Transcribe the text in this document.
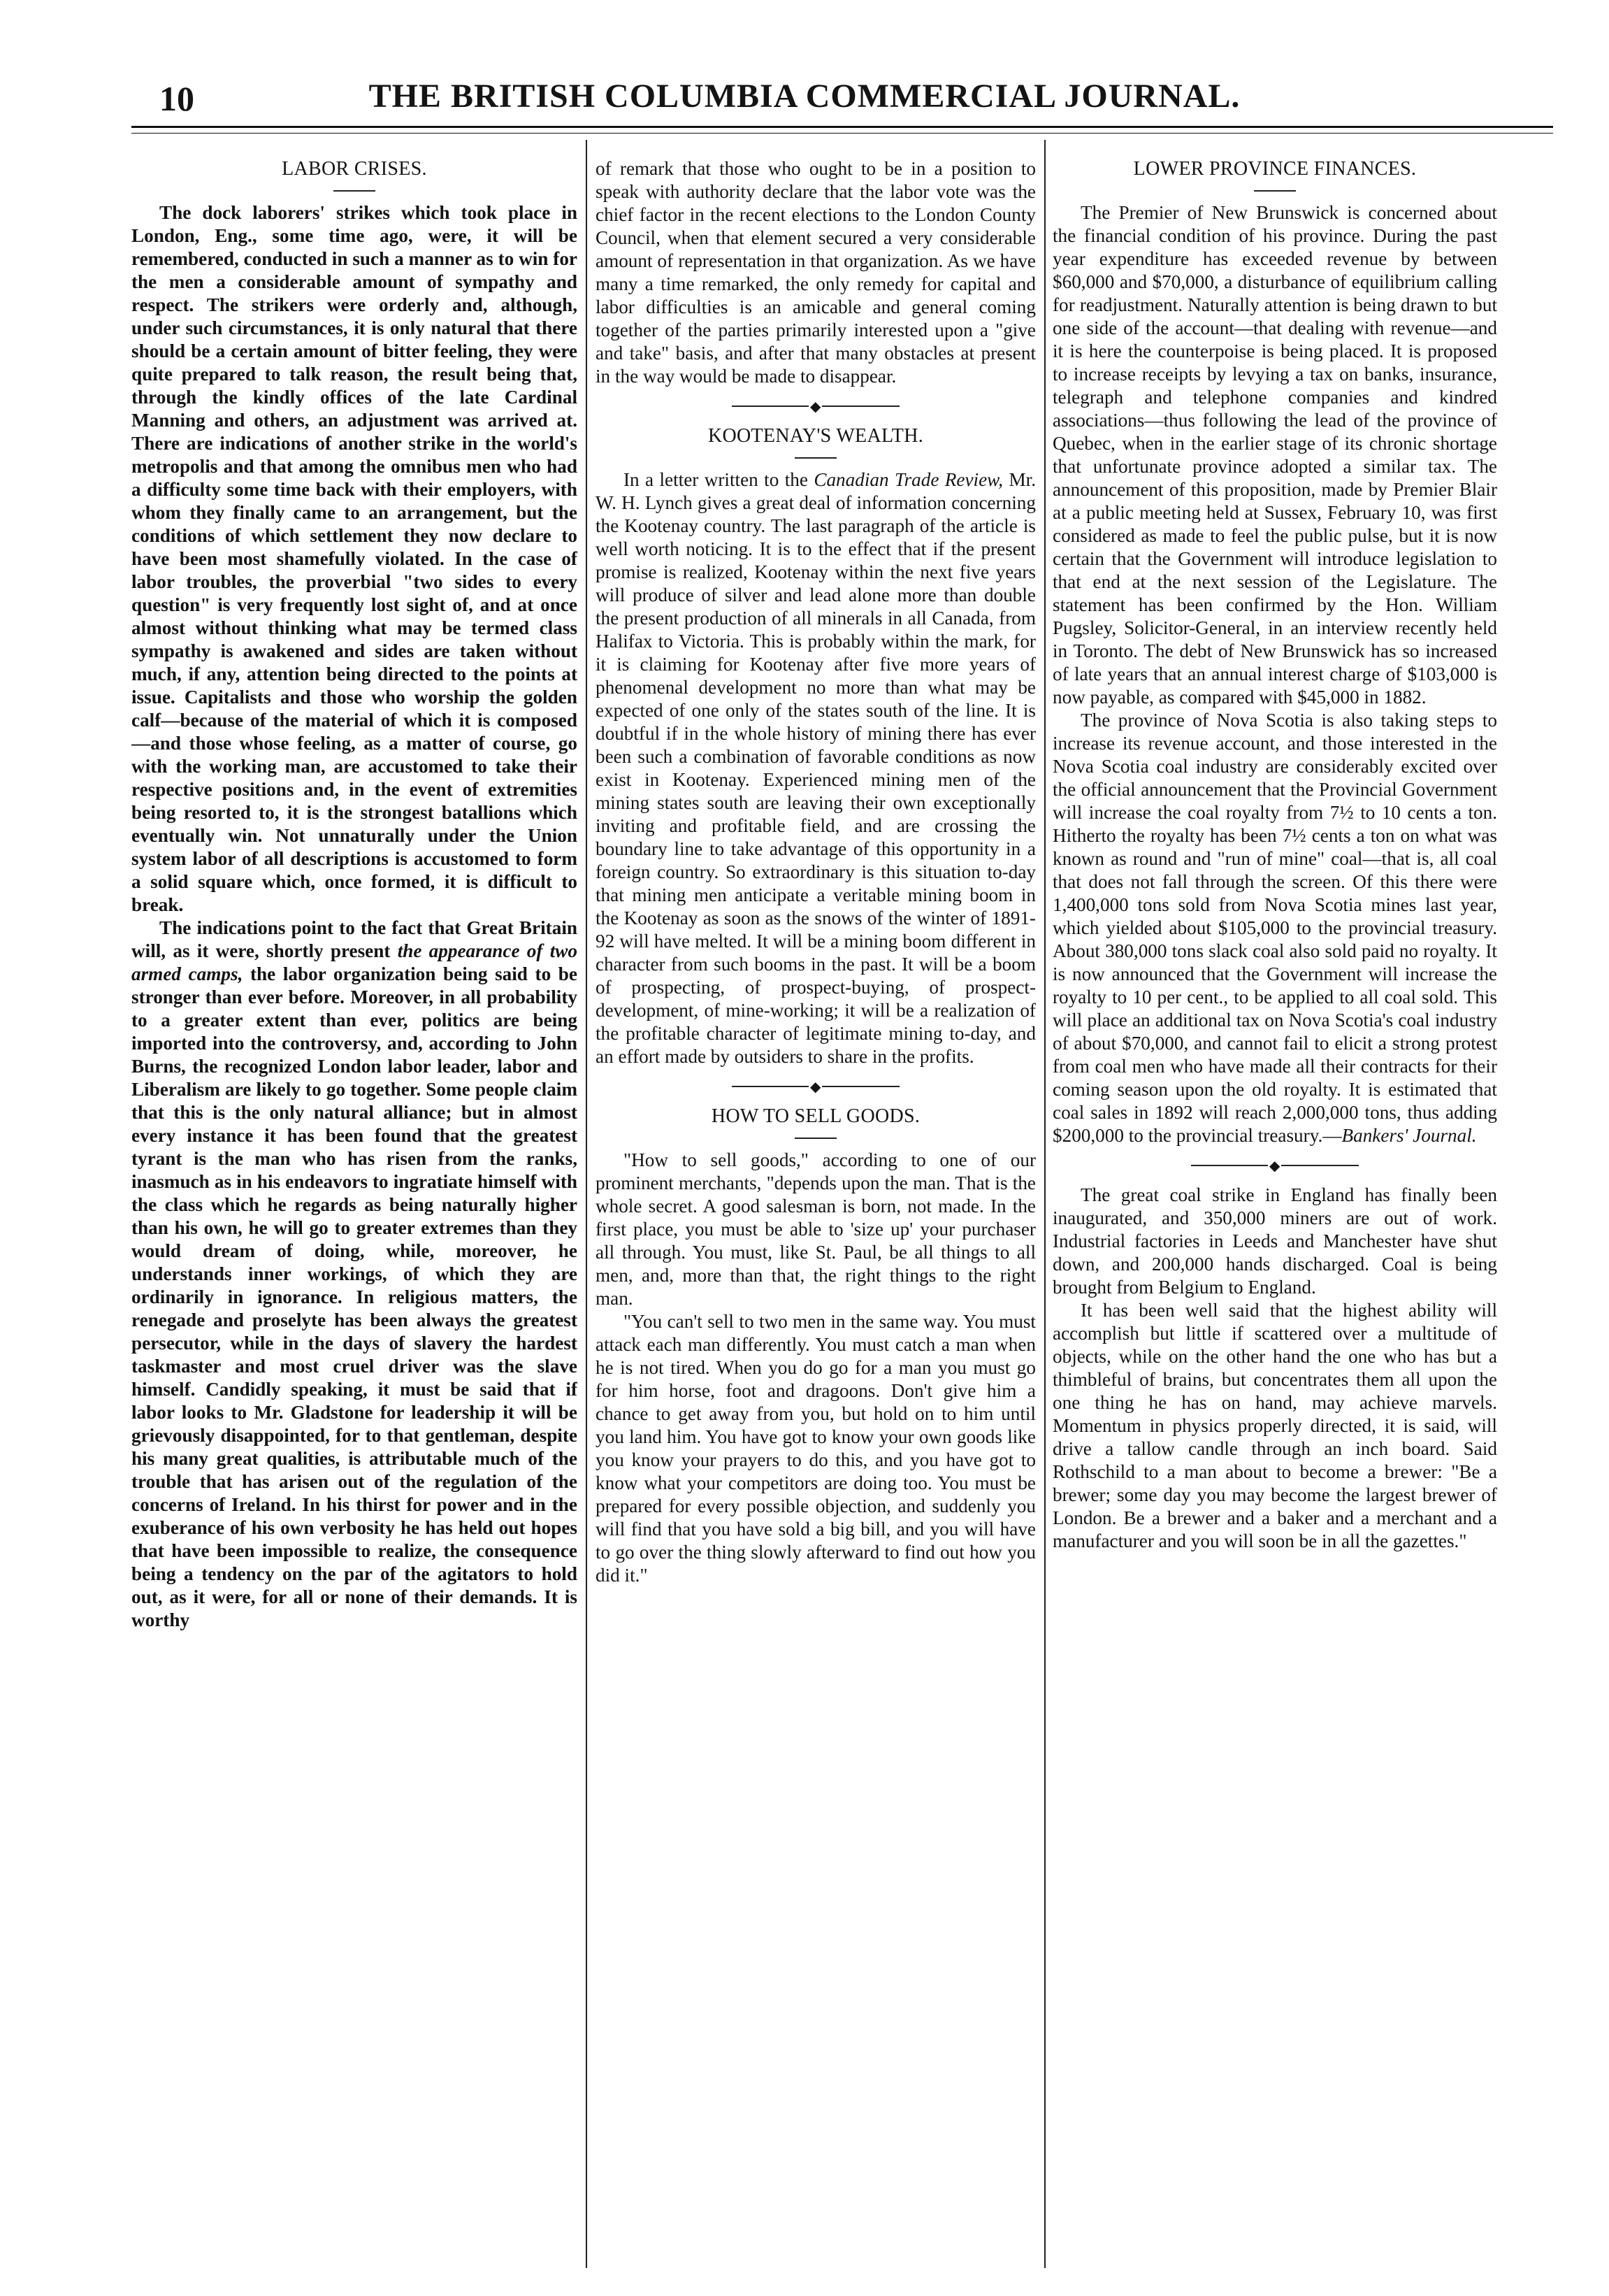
10	THE BRITISH COLUMBIA COMMERCIAL JOURNAL.
LABOR CRISES.

The dock laborers' strikes which took place in London, Eng., some time ago, were, it will be remembered, conducted in such a manner as to win for the men a considerable amount of sympathy and respect. The strikers were orderly and, although, under such circumstances, it is only natural that there should be a certain amount of bitter feeling, they were quite prepared to talk reason, the result being that, through the kindly offices of the late Cardinal Manning and others, an adjustment was arrived at. There are indications of another strike in the world's metropolis and that among the omnibus men who had a difficulty some time back with their employers, with whom they finally came to an arrangement, but the conditions of which settlement they now declare to have been most shamefully violated. In the case of labor troubles, the proverbial "two sides to every question" is very frequently lost sight of, and at once almost without thinking what may be termed class sympathy is awakened and sides are taken without much, if any, attention being directed to the points at issue. Capitalists and those who worship the golden calf—because of the material of which it is composed—and those whose feeling, as a matter of course, go with the working man, are accustomed to take their respective positions and, in the event of extremities being resorted to, it is the strongest batallions which eventually win. Not unnaturally under the Union system labor of all descriptions is accustomed to form a solid square which, once formed, it is difficult to break.

The indications point to the fact that Great Britain will, as it were, shortly present the appearance of two armed camps, the labor organization being said to be stronger than ever before. Moreover, in all probability to a greater extent than ever, politics are being imported into the controversy, and, according to John Burns, the recognized London labor leader, labor and Liberalism are likely to go together. Some people claim that this is the only natural alliance; but in almost every instance it has been found that the greatest tyrant is the man who has risen from the ranks, inasmuch as in his endeavors to ingratiate himself with the class which he regards as being naturally higher than his own, he will go to greater extremes than they would dream of doing, while, moreover, he understands inner workings, of which they are ordinarily in ignorance. In religious matters, the renegade and proselyte has been always the greatest persecutor, while in the days of slavery the hardest taskmaster and most cruel driver was the slave himself. Candidly speaking, it must be said that if labor looks to Mr. Gladstone for leadership it will be grievously disappointed, for to that gentleman, despite his many great qualities, is attributable much of the trouble that has arisen out of the regulation of the concerns of Ireland. In his thirst for power and in the exuberance of his own verbosity he has held out hopes that have been impossible to realize, the consequence being a tendency on the par of the agitators to hold out, as it were, for all or none of their demands. It is worthy

of remark that those who ought to be in a position to speak with authority declare that the labor vote was the chief factor in the recent elections to the London County Council, when that element secured a very considerable amount of representation in that organization. As we have many a time remarked, the only remedy for capital and labor difficulties is an amicable and general coming together of the parties primarily interested upon a "give and take" basis, and after that many obstacles at present in the way would be made to disappear.

◆
KOOTENAY'S WEALTH.

In a letter written to the Canadian Trade Review, Mr. W. H. Lynch gives a great deal of information concerning the Kootenay country. The last paragraph of the article is well worth noticing. It is to the effect that if the present promise is realized, Kootenay within the next five years will produce of silver and lead alone more than double the present production of all minerals in all Canada, from Halifax to Victoria. This is probably within the mark, for it is claiming for Kootenay after five more years of phenomenal development no more than what may be expected of one only of the states south of the line. It is doubtful if in the whole history of mining there has ever been such a combination of favorable conditions as now exist in Kootenay. Experienced mining men of the mining states south are leaving their own exceptionally inviting and profitable field, and are crossing the boundary line to take advantage of this opportunity in a foreign country. So extraordinary is this situation to-day that mining men anticipate a veritable mining boom in the Kootenay as soon as the snows of the winter of 1891-92 will have melted. It will be a mining boom different in character from such booms in the past. It will be a boom of prospecting, of prospect-buying, of prospect-development, of mine-working; it will be a realization of the profitable character of legitimate mining to-day, and an effort made by outsiders to share in the profits.

◆
HOW TO SELL GOODS.

"How to sell goods," according to one of our prominent merchants, "depends upon the man. That is the whole secret. A good salesman is born, not made. In the first place, you must be able to 'size up' your purchaser all through. You must, like St. Paul, be all things to all men, and, more than that, the right things to the right man.

"You can't sell to two men in the same way. You must attack each man differently. You must catch a man when he is not tired. When you do go for a man you must go for him horse, foot and dragoons. Don't give him a chance to get away from you, but hold on to him until you land him. You have got to know your own goods like you know your prayers to do this, and you have got to know what your competitors are doing too. You must be prepared for every possible objection, and suddenly you will find that you have sold a big bill, and you will have to go over the thing slowly afterward to find out how you did it."

LOWER PROVINCE FINANCES.

The Premier of New Brunswick is concerned about the financial condition of his province. During the past year expenditure has exceeded revenue by between $60,000 and $70,000, a disturbance of equilibrium calling for readjustment. Naturally attention is being drawn to but one side of the account—that dealing with revenue—and it is here the counterpoise is being placed. It is proposed to increase receipts by levying a tax on banks, insurance, telegraph and telephone companies and kindred associations—thus following the lead of the province of Quebec, when in the earlier stage of its chronic shortage that unfortunate province adopted a similar tax. The announcement of this proposition, made by Premier Blair at a public meeting held at Sussex, February 10, was first considered as made to feel the public pulse, but it is now certain that the Government will introduce legislation to that end at the next session of the Legislature. The statement has been confirmed by the Hon. William Pugsley, Solicitor-General, in an interview recently held in Toronto. The debt of New Brunswick has so increased of late years that an annual interest charge of $103,000 is now payable, as compared with $45,000 in 1882.

The province of Nova Scotia is also taking steps to increase its revenue account, and those interested in the Nova Scotia coal industry are considerably excited over the official announcement that the Provincial Government will increase the coal royalty from 7½ to 10 cents a ton. Hitherto the royalty has been 7½ cents a ton on what was known as round and "run of mine" coal—that is, all coal that does not fall through the screen. Of this there were 1,400,000 tons sold from Nova Scotia mines last year, which yielded about $105,000 to the provincial treasury. About 380,000 tons slack coal also sold paid no royalty. It is now announced that the Government will increase the royalty to 10 per cent., to be applied to all coal sold. This will place an additional tax on Nova Scotia's coal industry of about $70,000, and cannot fail to elicit a strong protest from coal men who have made all their contracts for their coming season upon the old royalty. It is estimated that coal sales in 1892 will reach 2,000,000 tons, thus adding $200,000 to the provincial treasury.—Bankers' Journal.

◆

The great coal strike in England has finally been inaugurated, and 350,000 miners are out of work. Industrial factories in Leeds and Manchester have shut down, and 200,000 hands discharged. Coal is being brought from Belgium to England.

It has been well said that the highest ability will accomplish but little if scattered over a multitude of objects, while on the other hand the one who has but a thimbleful of brains, but concentrates them all upon the one thing he has on hand, may achieve marvels. Momentum in physics properly directed, it is said, will drive a tallow candle through an inch board. Said Rothschild to a man about to become a brewer: "Be a brewer; some day you may become the largest brewer of London. Be a brewer and a baker and a merchant and a manufacturer and you will soon be in all the gazettes."
